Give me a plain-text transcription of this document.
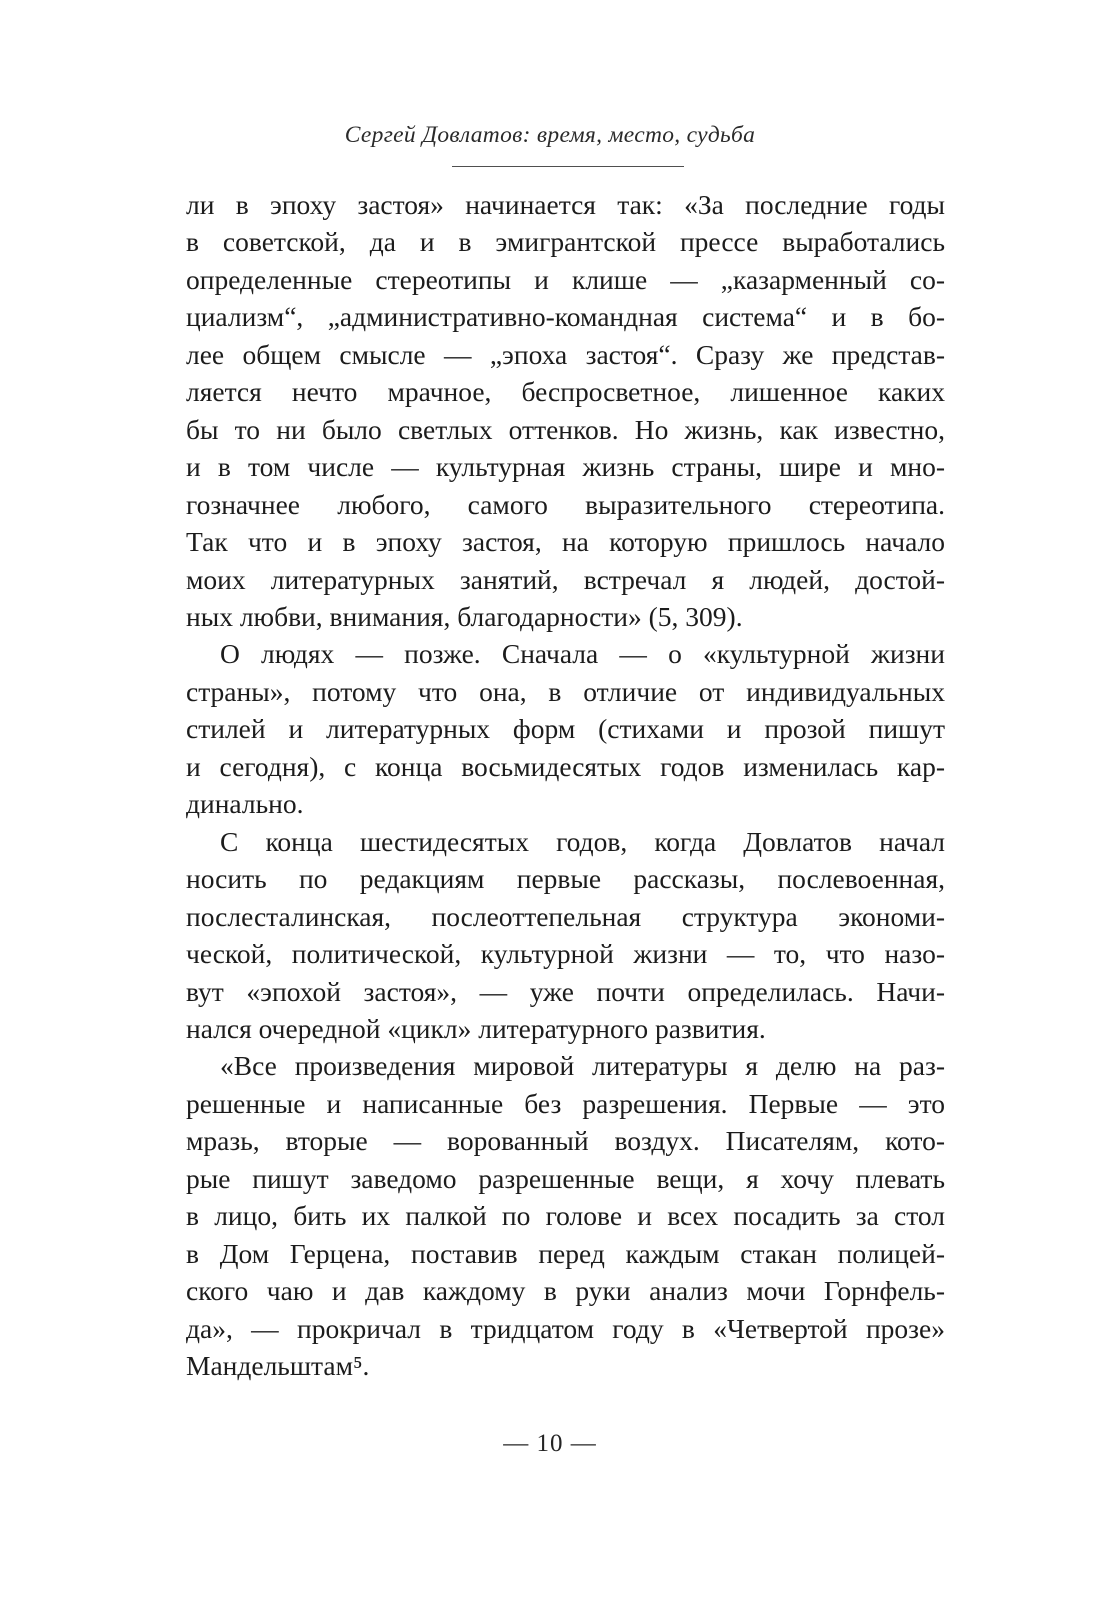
Сергей Довлатов: время, место, судьба
ли в эпоху застоя» начинается так: «За последние годы
в советской, да и в эмигрантской прессе выработались
определенные стереотипы и клише — „казарменный со-
циализм“, „административно-командная система“ и в бо-
лее общем смысле — „эпоха застоя“. Сразу же представ-
ляется нечто мрачное, беспросветное, лишенное каких
бы то ни было светлых оттенков. Но жизнь, как известно,
и в том числе — культурная жизнь страны, шире и мно-
гозначнее любого, самого выразительного стереотипа.
Так что и в эпоху застоя, на которую пришлось начало
моих литературных занятий, встречал я людей, достой-
ных любви, внимания, благодарности» (5, 309).
О людях — позже. Сначала — о «культурной жизни
страны», потому что она, в отличие от индивидуальных
стилей и литературных форм (стихами и прозой пишут
и сегодня), с конца восьмидесятых годов изменилась кар-
динально.
С конца шестидесятых годов, когда Довлатов начал
носить по редакциям первые рассказы, послевоенная,
послесталинская, послеоттепельная структура экономи-
ческой, политической, культурной жизни — то, что назо-
вут «эпохой застоя», — уже почти определилась. Начи-
нался очередной «цикл» литературного развития.
«Все произведения мировой литературы я делю на раз-
решенные и написанные без разрешения. Первые — это
мразь, вторые — ворованный воздух. Писателям, кото-
рые пишут заведомо разрешенные вещи, я хочу плевать
в лицо, бить их палкой по голове и всех посадить за стол
в Дом Герцена, поставив перед каждым стакан полицей-
ского чаю и дав каждому в руки анализ мочи Горнфель-
да», — прокричал в тридцатом году в «Четвертой прозе»
Мандельштам⁵.
— 10 —
